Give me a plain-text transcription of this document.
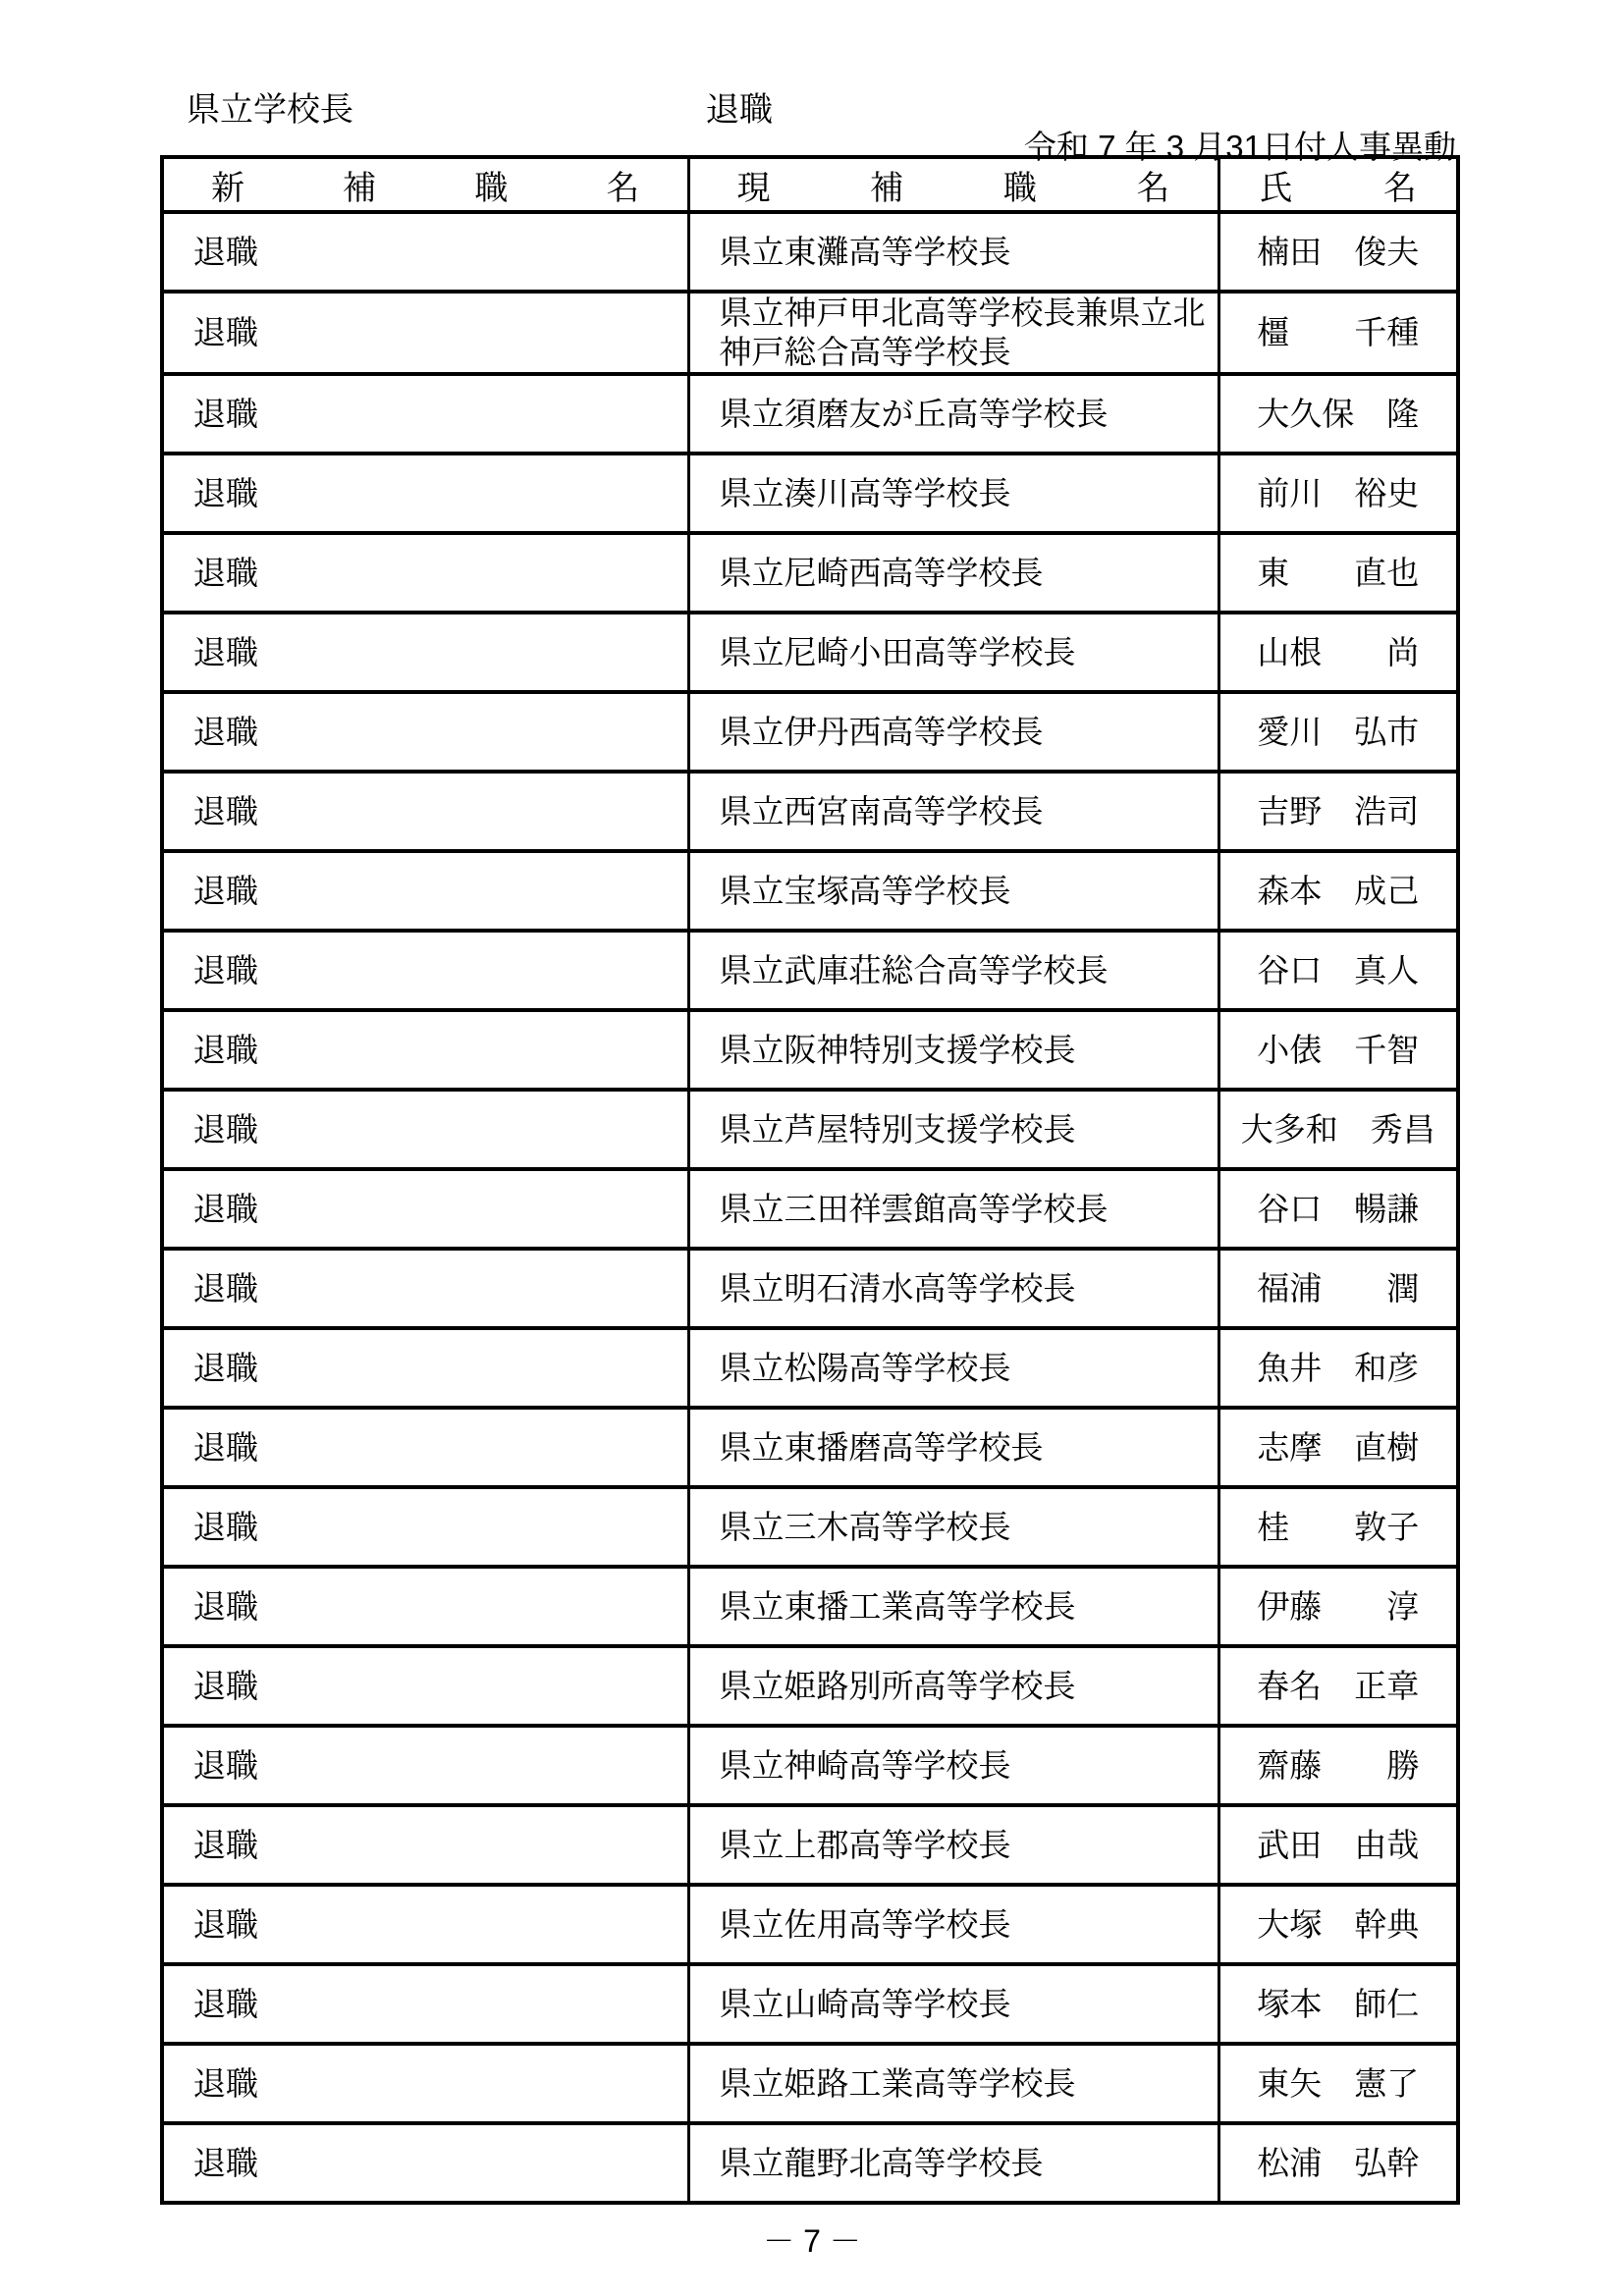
県立学校長	退職
令和 7 年 3 月31日付人事異動
新補職名	現補職名	氏名
退職	県立東灘高等学校長	楠田　俊夫
退職	県立神戸甲北高等学校長兼県立北神戸総合高等学校長	橿　　千種
退職	県立須磨友が丘高等学校長	大久保　隆
退職	県立湊川高等学校長	前川　裕史
退職	県立尼崎西高等学校長	東　　直也
退職	県立尼崎小田高等学校長	山根　　尚
退職	県立伊丹西高等学校長	愛川　弘市
退職	県立西宮南高等学校長	吉野　浩司
退職	県立宝塚高等学校長	森本　成己
退職	県立武庫荘総合高等学校長	谷口　真人
退職	県立阪神特別支援学校長	小俵　千智
退職	県立芦屋特別支援学校長	大多和　秀昌
退職	県立三田祥雲館高等学校長	谷口　暢謙
退職	県立明石清水高等学校長	福浦　　潤
退職	県立松陽高等学校長	魚井　和彦
退職	県立東播磨高等学校長	志摩　直樹
退職	県立三木高等学校長	桂　　敦子
退職	県立東播工業高等学校長	伊藤　　淳
退職	県立姫路別所高等学校長	春名　正章
退職	県立神崎高等学校長	齋藤　　勝
退職	県立上郡高等学校長	武田　由哉
退職	県立佐用高等学校長	大塚　幹典
退職	県立山崎高等学校長	塚本　師仁
退職	県立姫路工業高等学校長	東矢　憲了
退職	県立龍野北高等学校長	松浦　弘幹
－ 7 －
